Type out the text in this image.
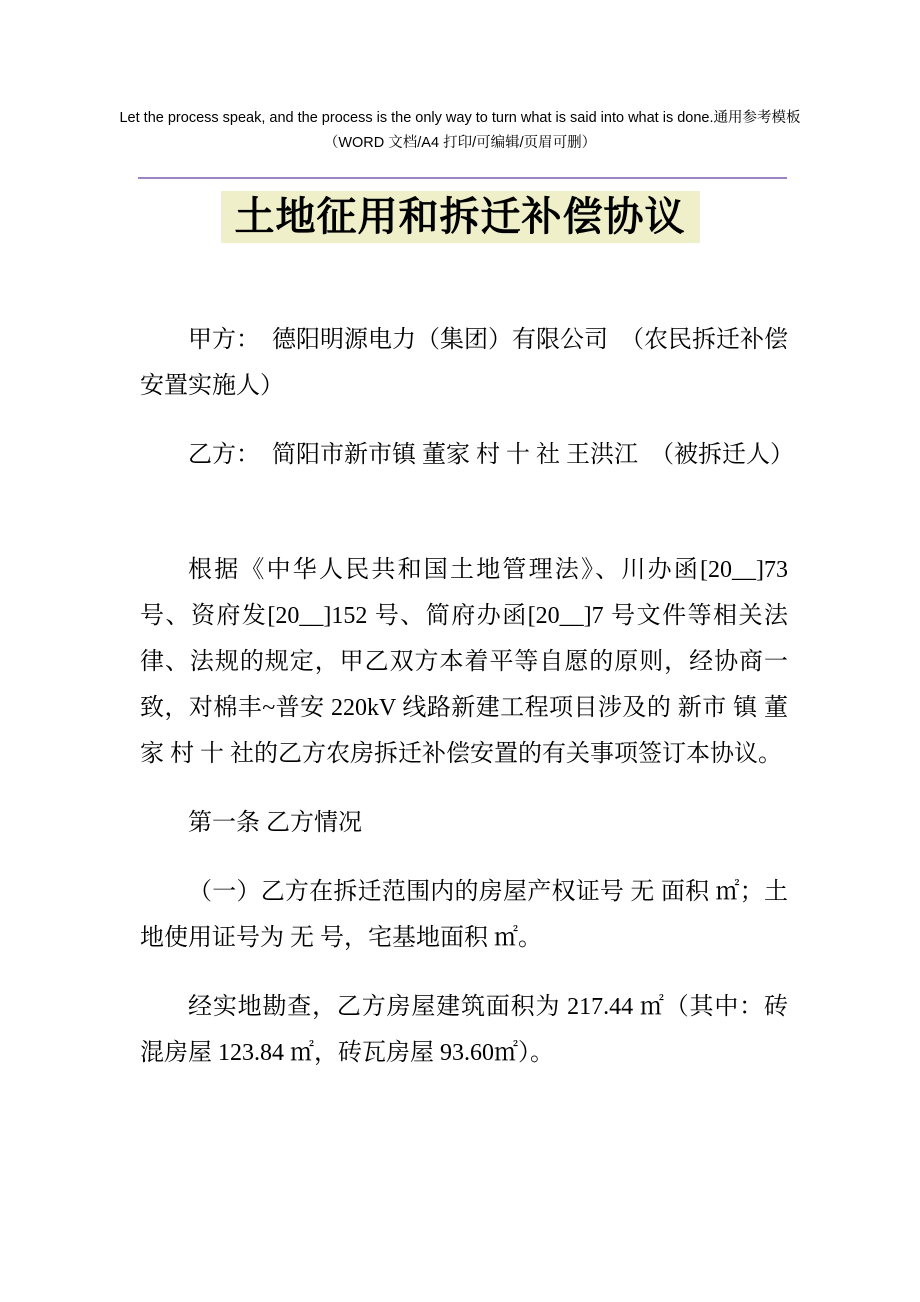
Let the process speak, and the process is the only way to turn what is said into what is done.通用参考模板
（WORD 文档/A4 打印/可编辑/页眉可删）
土地征用和拆迁补偿协议

甲方：　德阳明源电力（集团）有限公司　（农民拆迁补偿安置实施人）

乙方：　简阳市新市镇 董家 村 十 社 王洪江　（被拆迁人）

根据《中华人民共和国土地管理法》、川办函[20__]73 号、资府发[20__]152 号、简府办函[20__]7 号文件等相关法律、法规的规定，甲乙双方本着平等自愿的原则，经协商一致，对棉丰~普安 220kV 线路新建工程项目涉及的 新市 镇 董家 村 十 社的乙方农房拆迁补偿安置的有关事项签订本协议。

第一条 乙方情况

（一）乙方在拆迁范围内的房屋产权证号 无 面积 ㎡；土地使用证号为 无 号，宅基地面积 ㎡。

经实地勘查，乙方房屋建筑面积为 217.44 ㎡（其中：砖混房屋 123.84 ㎡，砖瓦房屋 93.60㎡）。
